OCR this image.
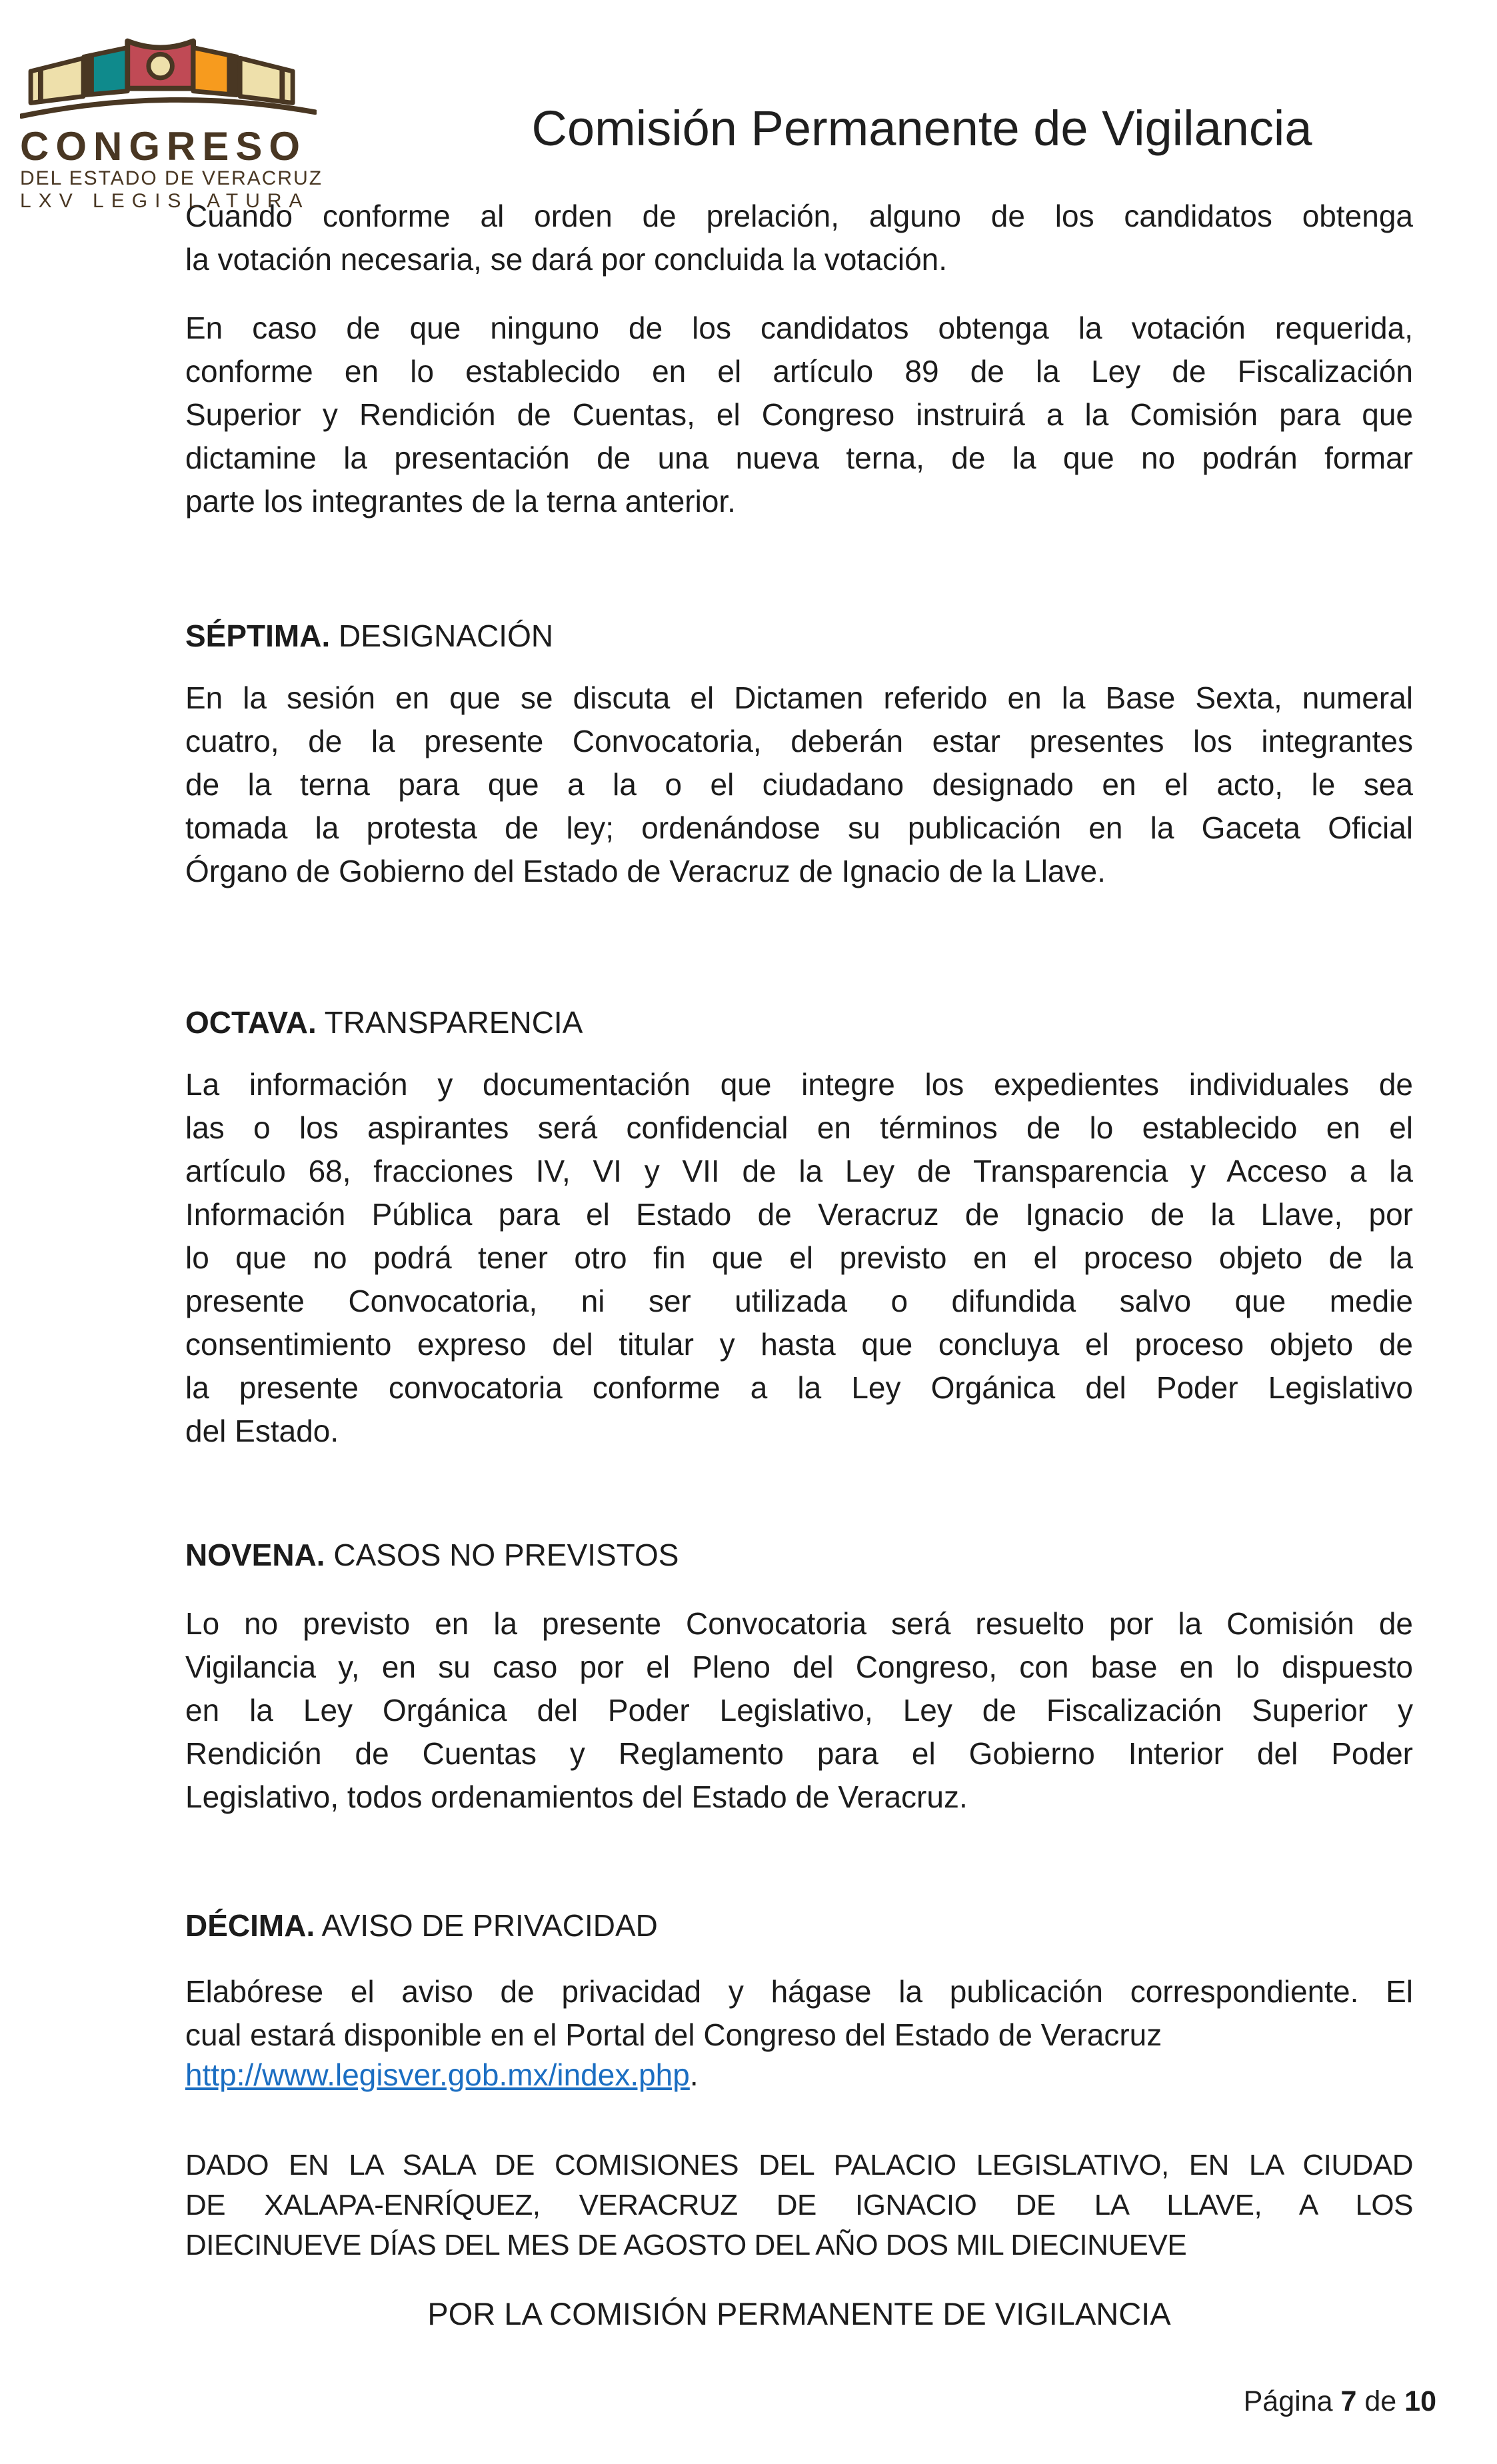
CONGRESO
DEL ESTADO DE VERACRUZ
LXV LEGISLATURA
Comisión Permanente de Vigilancia
Cuando conforme al orden de prelación, alguno de los candidatos obtenga
la votación necesaria, se dará por concluida la votación.
En caso de que ninguno de los candidatos obtenga la votación requerida,
conforme en lo establecido en el artículo 89 de la Ley de Fiscalización
Superior y Rendición de Cuentas, el Congreso instruirá a la Comisión para que
dictamine la presentación de una nueva terna, de la que no podrán formar
parte los integrantes de la terna anterior.
SÉPTIMA. DESIGNACIÓN
En la sesión en que se discuta el Dictamen referido en la Base Sexta, numeral
cuatro, de la presente Convocatoria, deberán estar presentes los integrantes
de la terna para que a la o el ciudadano designado en el acto, le sea
tomada la protesta de ley; ordenándose su publicación en la Gaceta Oficial
Órgano de Gobierno del Estado de Veracruz de Ignacio de la Llave.
OCTAVA. TRANSPARENCIA
La información y documentación que integre los expedientes individuales de
las o los aspirantes será confidencial en términos de lo establecido en el
artículo 68, fracciones IV, VI y VII de la Ley de Transparencia y Acceso a la
Información Pública para el Estado de Veracruz de Ignacio de la Llave, por
lo que no podrá tener otro fin que el previsto en el proceso objeto de la
presente Convocatoria, ni ser utilizada o difundida salvo que medie
consentimiento expreso del titular y hasta que concluya el proceso objeto de
la presente convocatoria conforme a la Ley Orgánica del Poder Legislativo
del Estado.
NOVENA. CASOS NO PREVISTOS
Lo no previsto en la presente Convocatoria será resuelto por la Comisión de
Vigilancia y, en su caso por el Pleno del Congreso, con base en lo dispuesto
en la Ley Orgánica del Poder Legislativo, Ley de Fiscalización Superior y
Rendición de Cuentas y Reglamento para el Gobierno Interior del Poder
Legislativo, todos ordenamientos del Estado de Veracruz.
DÉCIMA. AVISO DE PRIVACIDAD
Elabórese el aviso de privacidad y hágase la publicación correspondiente. El
cual estará disponible en el Portal del Congreso del Estado de Veracruz
http://www.legisver.gob.mx/index.php.
DADO EN LA SALA DE COMISIONES DEL PALACIO LEGISLATIVO, EN LA CIUDAD
DE XALAPA-ENRÍQUEZ, VERACRUZ DE IGNACIO DE LA LLAVE, A LOS
DIECINUEVE DÍAS DEL MES DE AGOSTO DEL AÑO DOS MIL DIECINUEVE
POR LA COMISIÓN PERMANENTE DE VIGILANCIA
Página 7 de 10
